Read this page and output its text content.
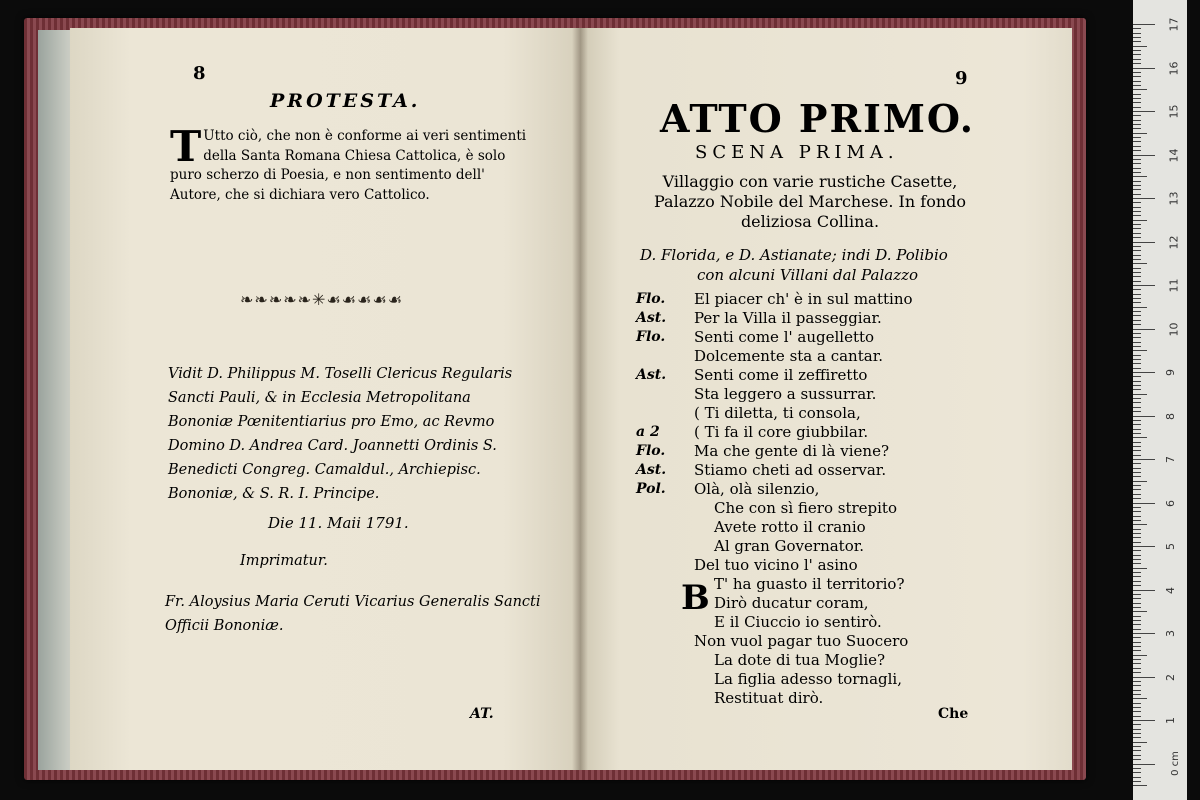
8
PROTESTA.
T Utto ciò, che non è conforme ai veri sentimenti della Santa Romana Chiesa Cattolica, è solo puro scherzo di Poesia, e non sentimento dell' Autore, che si dichiara vero Cattolico.
❧❧❧❧❧✳☙☙☙☙☙
Vidit D. Philippus M. Toselli Clericus Regularis Sancti Pauli, & in Ecclesia Metropolitana Bononiæ Pœnitentiarius pro Emo, ac Revmo Domino D. Andrea Card. Joannetti Ordinis S. Benedicti Congreg. Camaldul., Archiepisc. Bononiæ, & S. R. I. Principe.
Die 11. Maii 1791.
Imprimatur.
Fr. Aloysius Maria Ceruti Vicarius Generalis Sancti Officii Bononiæ.
AT.
9
ATTO PRIMO.
SCENA PRIMA.
Villaggio con varie rustiche Casette, Palazzo Nobile del Marchese. In fondo deliziosa Collina.
D. Florida, e D. Astianate; indi D. Polibio
con alcuni Villani dal Palazzo
B
Flo. El piacer ch' è in sul mattino
Ast. Per la Villa il passeggiar.
Flo. Senti come l' augelletto
Dolcemente sta a cantar.
Ast. Senti come il zeffiretto
Sta leggero a sussurrar.
( Ti diletta, ti consola,
a 2 ( Ti fa il core giubbilar.
Flo. Ma che gente di là viene?
Ast. Stiamo cheti ad osservar.
Pol. Olà, olà silenzio,
Che con sì fiero strepito
Avete rotto il cranio
Al gran Governator.
Del tuo vicino l' asino
T' ha guasto il territorio?
Dirò ducatur coram,
E il Ciuccio io sentirò.
Non vuol pagar tuo Suocero
La dote di tua Moglie?
La figlia adesso tornagli,
Restituat dirò.
Che
17
16
15
14
13
12
11
10
9
8
7
6
5
4
3
2
1
0 cm
